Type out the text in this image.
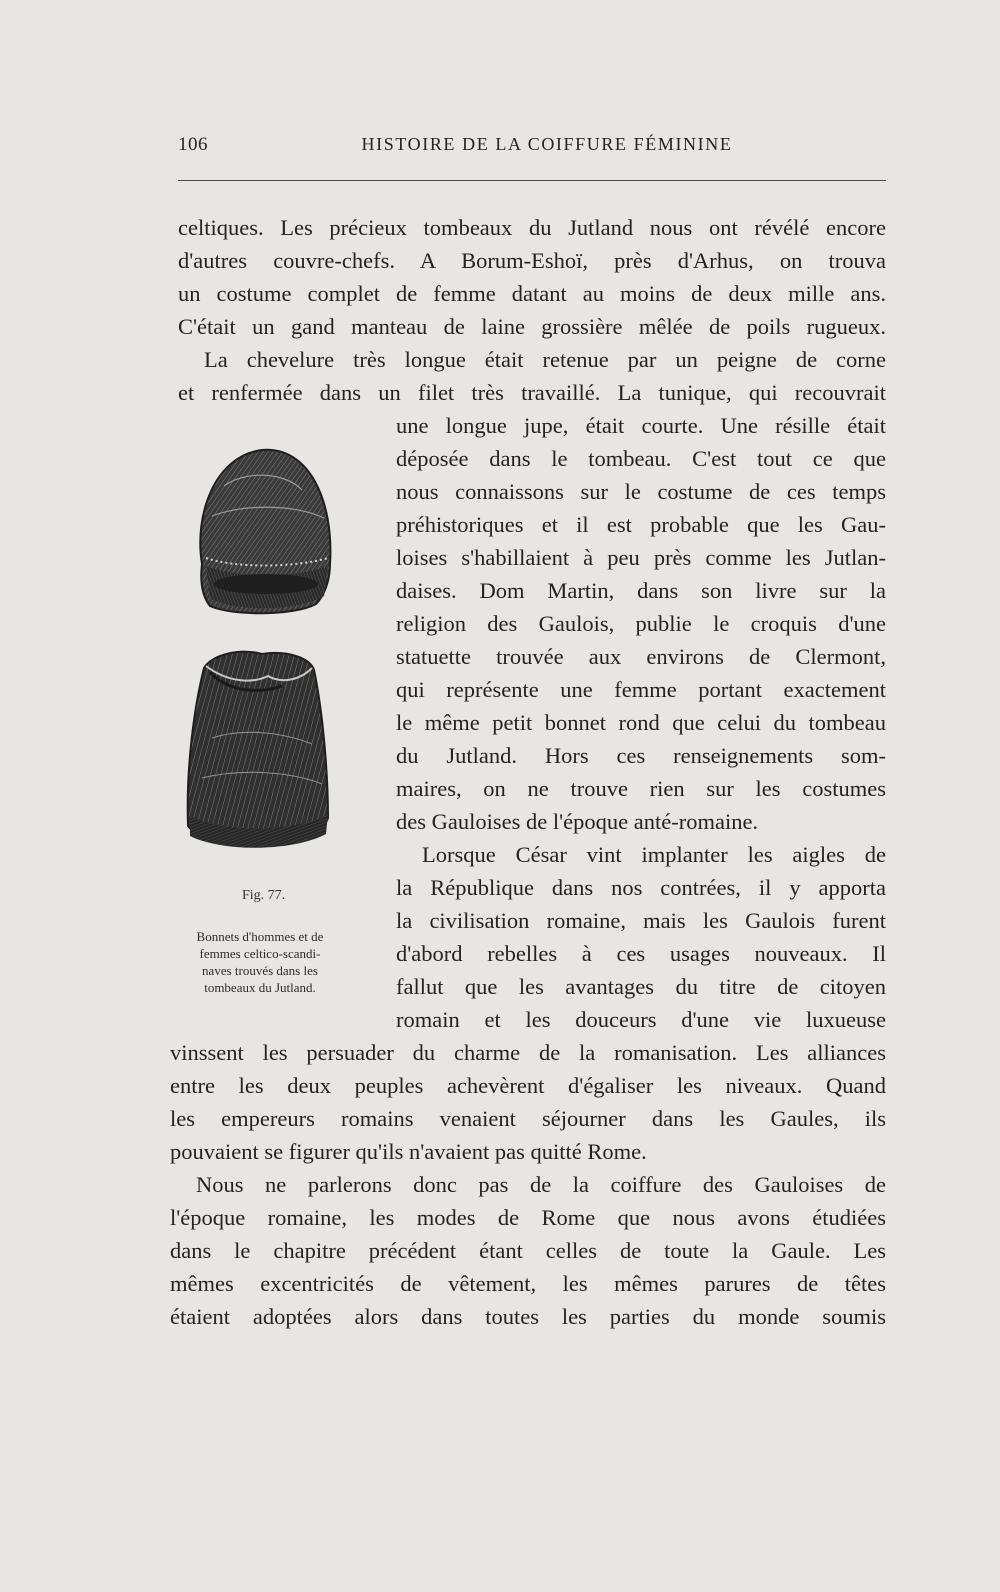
106	HISTOIRE DE LA COIFFURE FÉMININE
Fig. 77.
Bonnets d'hommes et de
femmes celtico-scandi-
naves trouvés dans les
tombeaux du Jutland.
celtiques. Les précieux tombeaux du Jutland nous ont révélé encore
d'autres couvre-chefs. A Borum-Eshoï, près d'Arhus, on trouva
un costume complet de femme datant au moins de deux mille ans.
C'était un gand manteau de laine grossière mêlée de poils rugueux.
La chevelure très longue était retenue par un peigne de corne
et renfermée dans un filet très travaillé. La tunique, qui recouvrait
une longue jupe, était courte. Une résille était
déposée dans le tombeau. C'est tout ce que
nous connaissons sur le costume de ces temps
préhistoriques et il est probable que les Gau-
loises s'habillaient à peu près comme les Jutlan-
daises. Dom Martin, dans son livre sur la
religion des Gaulois, publie le croquis d'une
statuette trouvée aux environs de Clermont,
qui représente une femme portant exactement
le même petit bonnet rond que celui du tombeau
du Jutland. Hors ces renseignements som-
maires, on ne trouve rien sur les costumes
des Gauloises de l'époque anté-romaine.
Lorsque César vint implanter les aigles de
la République dans nos contrées, il y apporta
la civilisation romaine, mais les Gaulois furent
d'abord rebelles à ces usages nouveaux. Il
fallut que les avantages du titre de citoyen
romain et les douceurs d'une vie luxueuse
vinssent les persuader du charme de la romanisation. Les alliances
entre les deux peuples achevèrent d'égaliser les niveaux. Quand
les empereurs romains venaient séjourner dans les Gaules, ils
pouvaient se figurer qu'ils n'avaient pas quitté Rome.
Nous ne parlerons donc pas de la coiffure des Gauloises de
l'époque romaine, les modes de Rome que nous avons étudiées
dans le chapitre précédent étant celles de toute la Gaule. Les
mêmes excentricités de vêtement, les mêmes parures de têtes
étaient adoptées alors dans toutes les parties du monde soumis
